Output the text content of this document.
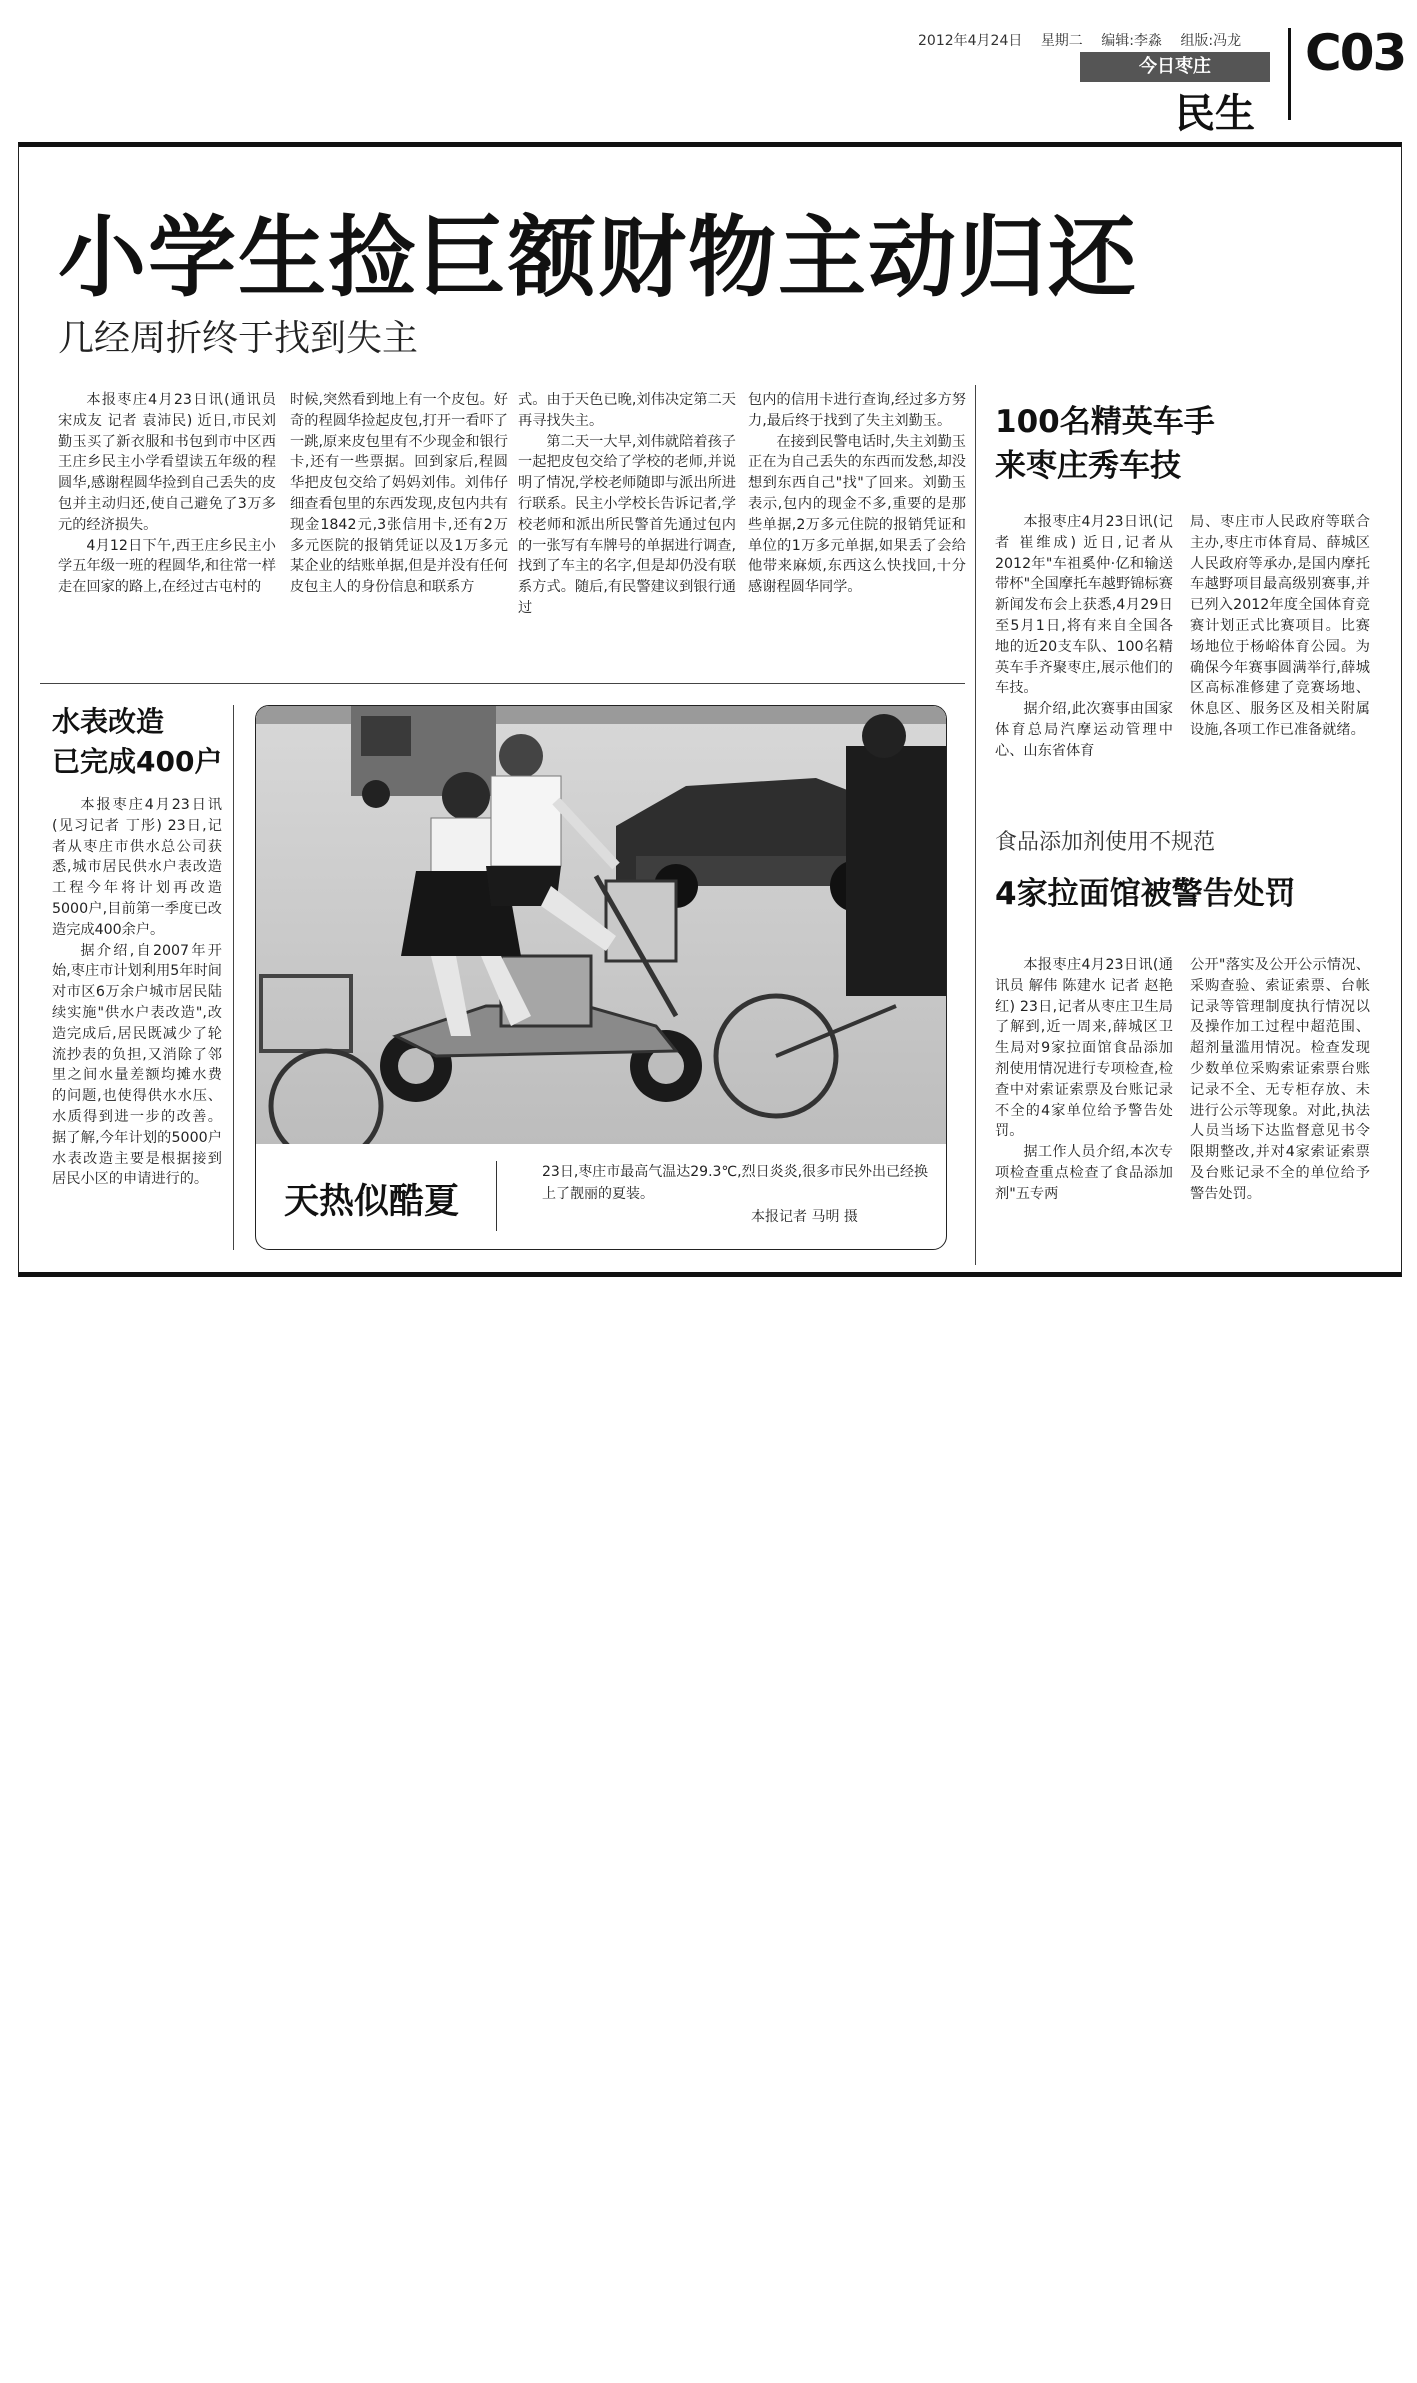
2012年4月24日 星期二 编辑:李淼 组版:冯龙
今日枣庄
民生
C03
小学生捡巨额财物主动归还
几经周折终于找到失主

本报枣庄4月23日讯(通讯员 宋成友 记者 袁沛民) 近日,市民刘勤玉买了新衣服和书包到市中区西王庄乡民主小学看望读五年级的程圆华,感谢程圆华捡到自己丢失的皮包并主动归还,使自己避免了3万多元的经济损失。

4月12日下午,西王庄乡民主小学五年级一班的程圆华,和往常一样走在回家的路上,在经过古屯村的

时候,突然看到地上有一个皮包。好奇的程圆华捡起皮包,打开一看吓了一跳,原来皮包里有不少现金和银行卡,还有一些票据。回到家后,程圆华把皮包交给了妈妈刘伟。刘伟仔细查看包里的东西发现,皮包内共有现金1842元,3张信用卡,还有2万多元医院的报销凭证以及1万多元某企业的结账单据,但是并没有任何皮包主人的身份信息和联系方

式。由于天色已晚,刘伟决定第二天再寻找失主。

第二天一大早,刘伟就陪着孩子一起把皮包交给了学校的老师,并说明了情况,学校老师随即与派出所进行联系。民主小学校长告诉记者,学校老师和派出所民警首先通过包内的一张写有车牌号的单据进行调查,找到了车主的名字,但是却仍没有联系方式。随后,有民警建议到银行通过

包内的信用卡进行查询,经过多方努力,最后终于找到了失主刘勤玉。

在接到民警电话时,失主刘勤玉正在为自己丢失的东西而发愁,却没想到东西自己"找"了回来。刘勤玉表示,包内的现金不多,重要的是那些单据,2万多元住院的报销凭证和单位的1万多元单据,如果丢了会给他带来麻烦,东西这么快找回,十分感谢程圆华同学。

100名精英车手
来枣庄秀车技

本报枣庄4月23日讯(记者 崔维成) 近日,记者从2012年"车祖奚仲·亿和输送带杯"全国摩托车越野锦标赛新闻发布会上获悉,4月29日至5月1日,将有来自全国各地的近20支车队、100名精英车手齐聚枣庄,展示他们的车技。

据介绍,此次赛事由国家体育总局汽摩运动管理中心、山东省体育

局、枣庄市人民政府等联合主办,枣庄市体育局、薛城区人民政府等承办,是国内摩托车越野项目最高级别赛事,并已列入2012年度全国体育竞赛计划正式比赛项目。比赛场地位于杨峪体育公园。为确保今年赛事圆满举行,薛城区高标准修建了竞赛场地、休息区、服务区及相关附属设施,各项工作已准备就绪。

食品添加剂使用不规范
4家拉面馆被警告处罚

本报枣庄4月23日讯(通讯员 解伟 陈建水 记者 赵艳红) 23日,记者从枣庄卫生局了解到,近一周来,薛城区卫生局对9家拉面馆食品添加剂使用情况进行专项检查,检查中对索证索票及台账记录不全的4家单位给予警告处罚。

据工作人员介绍,本次专项检查重点检查了食品添加剂"五专两

公开"落实及公开公示情况、采购查验、索证索票、台帐记录等管理制度执行情况以及操作加工过程中超范围、超剂量滥用情况。检查发现少数单位采购索证索票台账记录不全、无专柜存放、未进行公示等现象。对此,执法人员当场下达监督意见书令限期整改,并对4家索证索票及台账记录不全的单位给予警告处罚。

水表改造
已完成400户

本报枣庄4月23日讯(见习记者 丁彤) 23日,记者从枣庄市供水总公司获悉,城市居民供水户表改造工程今年将计划再改造5000户,目前第一季度已改造完成400余户。

据介绍,自2007年开始,枣庄市计划利用5年时间对市区6万余户城市居民陆续实施"供水户表改造",改造完成后,居民既减少了轮流抄表的负担,又消除了邻里之间水量差额均摊水费的问题,也使得供水水压、水质得到进一步的改善。据了解,今年计划的5000户水表改造主要是根据接到居民小区的申请进行的。

天热似酷夏
23日,枣庄市最高气温达29.3℃,烈日炎炎,很多市民外出已经换上了靓丽的夏装。
本报记者 马明 摄
